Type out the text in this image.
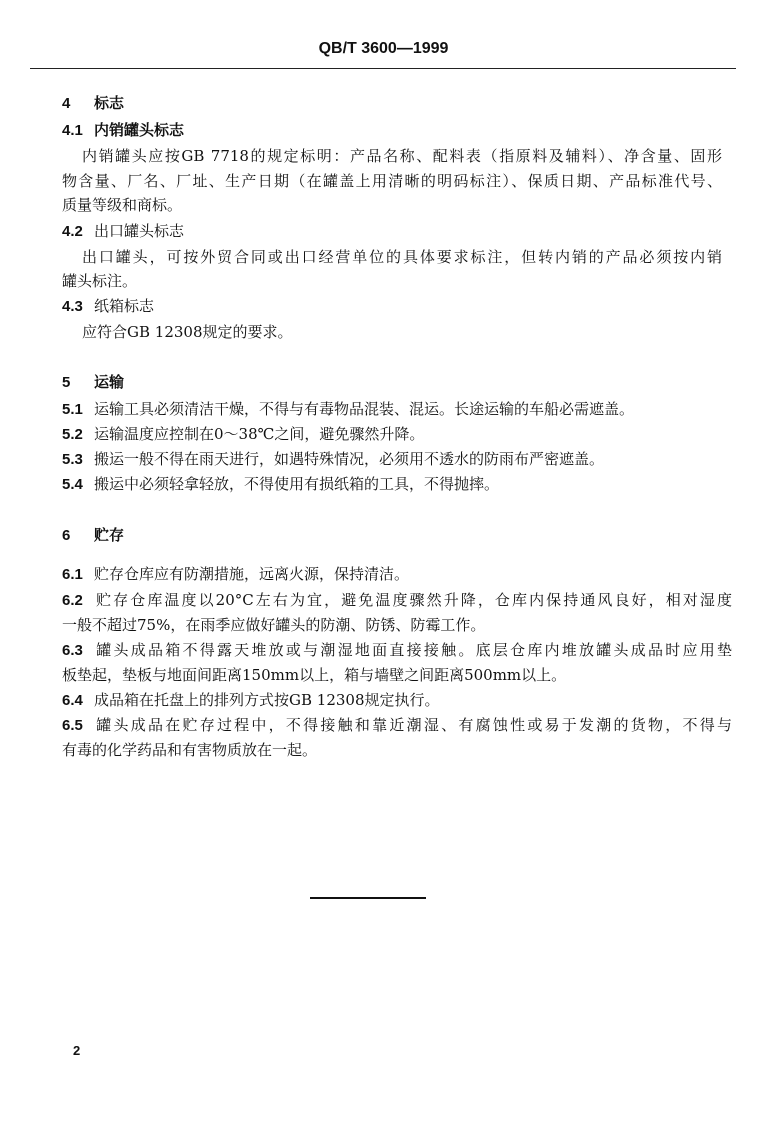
QB/T 3600—1999
4 标志
4.1 内销罐头标志
内销罐头应按GB 7718的规定标明：产品名称、配料表（指原料及辅料）、净含量、固形
物含量、厂名、厂址、生产日期（在罐盖上用清晰的明码标注）、保质日期、产品标准代号、
质量等级和商标。
4.2 出口罐头标志
出口罐头，可按外贸合同或出口经营单位的具体要求标注，但转内销的产品必须按内销
罐头标注。
4.3 纸箱标志
应符合GB 12308规定的要求。
5 运输
5.1 运输工具必须清洁干燥，不得与有毒物品混装、混运。长途运输的车船必需遮盖。
5.2 运输温度应控制在0～38℃之间，避免骤然升降。
5.3 搬运一般不得在雨天进行，如遇特殊情况，必须用不透水的防雨布严密遮盖。
5.4 搬运中必须轻拿轻放，不得使用有损纸箱的工具，不得抛摔。
6 贮存
6.1 贮存仓库应有防潮措施，远离火源，保持清洁。
6.2 贮存仓库温度以20°C左右为宜，避免温度骤然升降，仓库内保持通风良好，相对湿度
一般不超过75%，在雨季应做好罐头的防潮、防锈、防霉工作。
6.3 罐头成品箱不得露天堆放或与潮湿地面直接接触。底层仓库内堆放罐头成品时应用垫
板垫起，垫板与地面间距离150mm以上，箱与墙壁之间距离500mm以上。
6.4 成品箱在托盘上的排列方式按GB 12308规定执行。
6.5 罐头成品在贮存过程中，不得接触和靠近潮湿、有腐蚀性或易于发潮的货物，不得与
有毒的化学药品和有害物质放在一起。
2
